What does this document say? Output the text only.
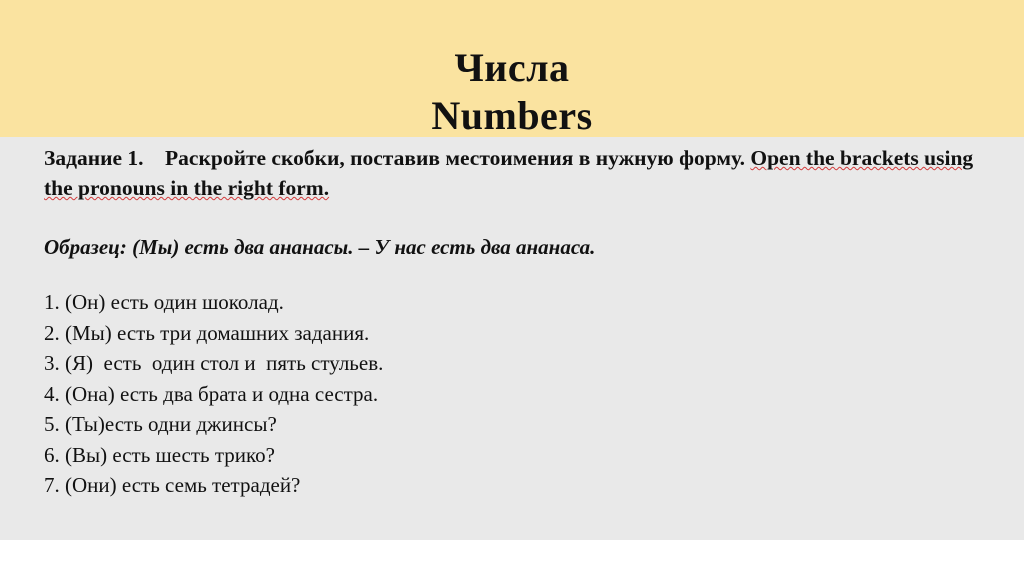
Числа
Numbers

Задание 1. Раскройте скобки, поставив местоимения в нужную форму. Open the brackets using the pronouns in the right form.

Образец: (Мы) есть два ананасы. – У нас есть два ананаса.

1. (Он) есть один шоколад.
2. (Мы) есть три домашних задания.
3. (Я)  есть  один стол и  пять стульев.
4. (Она) есть два брата и одна сестра.
5. (Ты)есть одни джинсы?
6. (Вы) есть шесть трико?
7. (Они) есть семь тетрадей?
